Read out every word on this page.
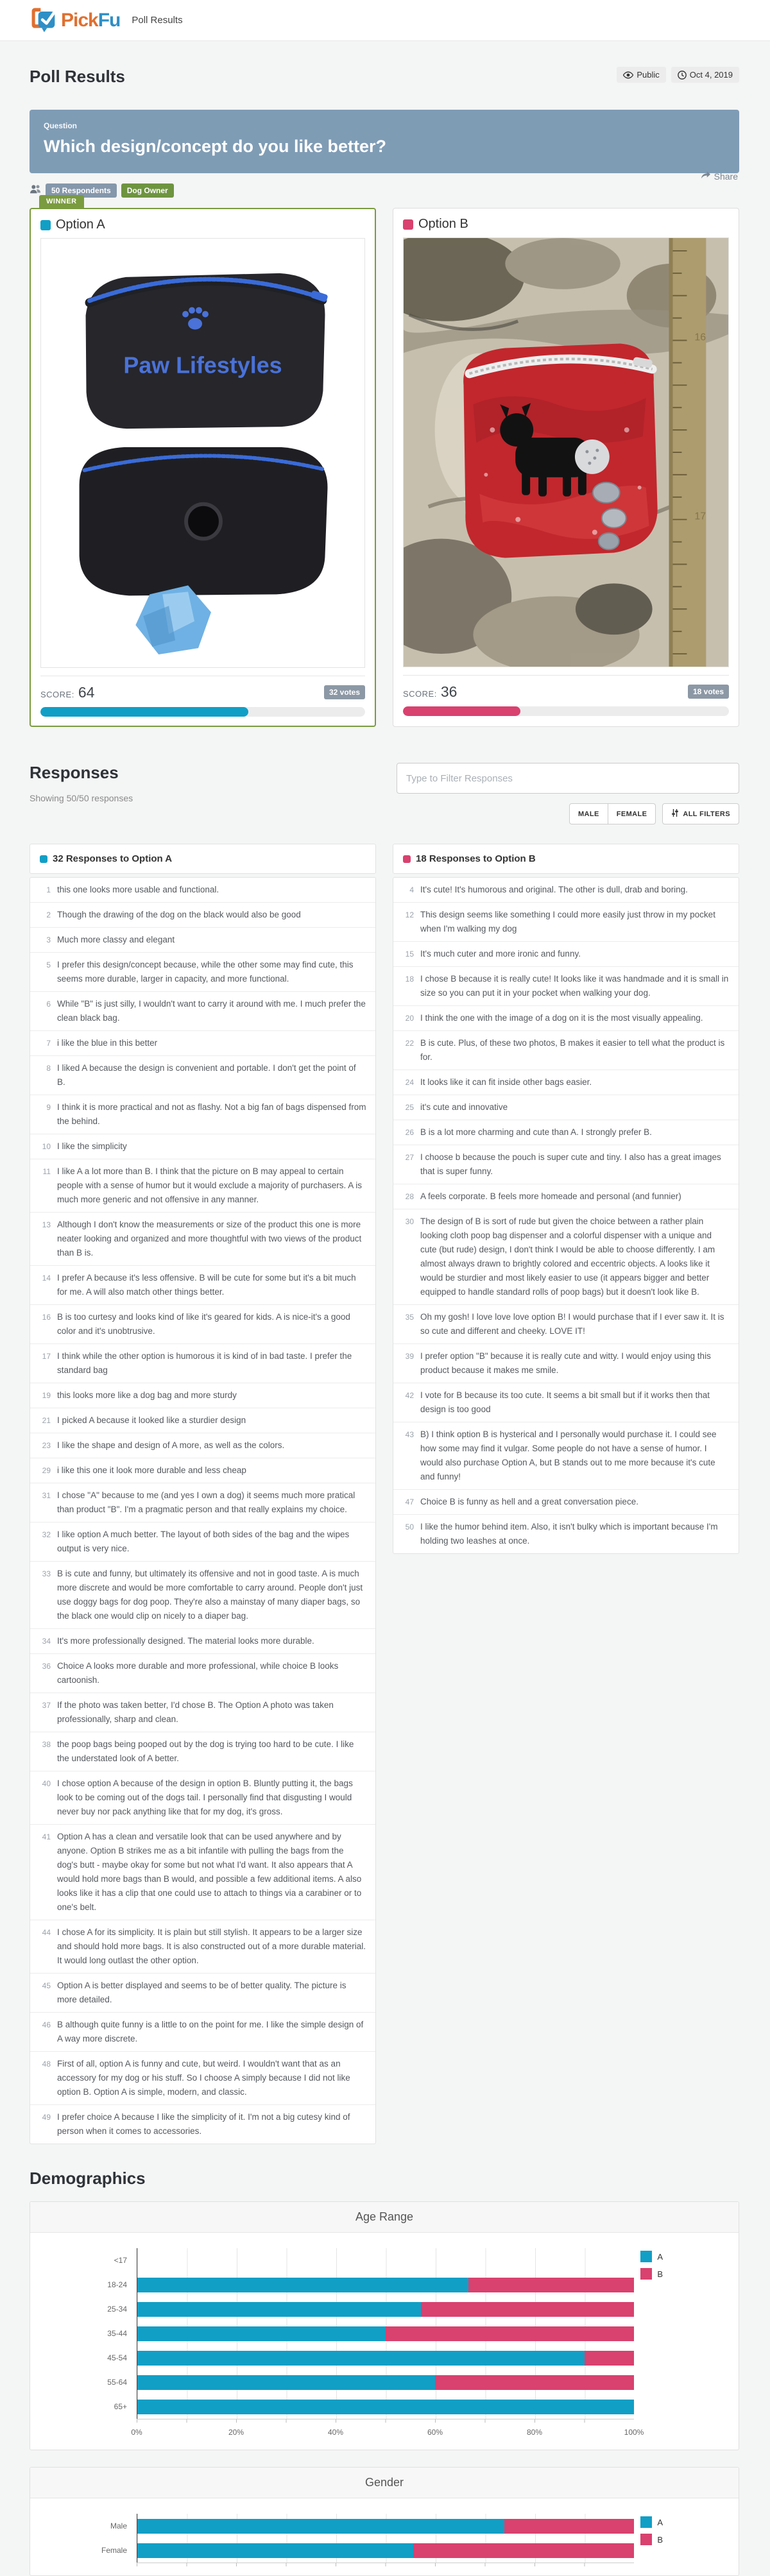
PickFu Poll Results
Poll Results	Public	Oct 4, 2019
Question
Which design/concept do you like better?
50 Respondents	Dog Owner
Share
WINNER
Option A
Paw Lifestyles
SCORE: 64	32 votes
Option B
16
17
SCORE: 36	18 votes
Responses
Showing 50/50 responses
Type to Filter Responses
MALE	FEMALE	ALL FILTERS
32 Responses to Option A
1 this one looks more usable and functional.
2 Though the drawing of the dog on the black would also be good
3 Much more classy and elegant
5 I prefer this design/concept because, while the other some may find cute, this seems more durable, larger in capacity, and more functional.
6 While "B" is just silly, I wouldn't want to carry it around with me. I much prefer the clean black bag.
7 i like the blue in this better
8 I liked A because the design is convenient and portable. I don't get the point of B.
9 I think it is more practical and not as flashy. Not a big fan of bags dispensed from the behind.
10 I like the simplicity
11 I like A a lot more than B. I think that the picture on B may appeal to certain people with a sense of humor but it would exclude a majority of purchasers. A is much more generic and not offensive in any manner.
13 Although I don't know the measurements or size of the product this one is more neater looking and organized and more thoughtful with two views of the product than B is.
14 I prefer A because it's less offensive. B will be cute for some but it's a bit much for me. A will also match other things better.
16 B is too curtesy and looks kind of like it's geared for kids. A is nice-it's a good color and it's unobtrusive.
17 I think while the other option is humorous it is kind of in bad taste. I prefer the standard bag
19 this looks more like a dog bag and more sturdy
21 I picked A because it looked like a sturdier design
23 I like the shape and design of A more, as well as the colors.
29 i like this one it look more durable and less cheap
31 I chose "A" because to me (and yes I own a dog) it seems much more pratical than product "B". I'm a pragmatic person and that really explains my choice.
32 I like option A much better. The layout of both sides of the bag and the wipes output is very nice.
33 B is cute and funny, but ultimately its offensive and not in good taste. A is much more discrete and would be more comfortable to carry around. People don't just use doggy bags for dog poop. They're also a mainstay of many diaper bags, so the black one would clip on nicely to a diaper bag.
34 It's more professionally designed. The material looks more durable.
36 Choice A looks more durable and more professional, while choice B looks cartoonish.
37 If the photo was taken better, I'd chose B. The Option A photo was taken professionally, sharp and clean.
38 the poop bags being pooped out by the dog is trying too hard to be cute. I like the understated look of A better.
40 I chose option A because of the design in option B. Bluntly putting it, the bags look to be coming out of the dogs tail. I personally find that disgusting I would never buy nor pack anything like that for my dog, it's gross.
41 Option A has a clean and versatile look that can be used anywhere and by anyone. Option B strikes me as a bit infantile with pulling the bags from the dog's butt - maybe okay for some but not what I'd want. It also appears that A would hold more bags than B would, and possible a few additional items. A also looks like it has a clip that one could use to attach to things via a carabiner or to one's belt.
44 I chose A for its simplicity. It is plain but still stylish. It appears to be a larger size and should hold more bags. It is also constructed out of a more durable material. It would long outlast the other option.
45 Option A is better displayed and seems to be of better quality. The picture is more detailed.
46 B although quite funny is a little to on the point for me. I like the simple design of A way more discrete.
48 First of all, option A is funny and cute, but weird. I wouldn't want that as an accessory for my dog or his stuff. So I choose A simply because I did not like option B. Option A is simple, modern, and classic.
49 I prefer choice A because I like the simplicity of it. I'm not a big cutesy kind of person when it comes to accessories.
18 Responses to Option B
4 It's cute! It's humorous and original. The other is dull, drab and boring.
12 This design seems like something I could more easily just throw in my pocket when I'm walking my dog
15 It's much cuter and more ironic and funny.
18 I chose B because it is really cute! It looks like it was handmade and it is small in size so you can put it in your pocket when walking your dog.
20 I think the one with the image of a dog on it is the most visually appealing.
22 B is cute. Plus, of these two photos, B makes it easier to tell what the product is for.
24 It looks like it can fit inside other bags easier.
25 it's cute and innovative
26 B is a lot more charming and cute than A. I strongly prefer B.
27 I choose b because the pouch is super cute and tiny. I also has a great images that is super funny.
28 A feels corporate. B feels more homeade and personal (and funnier)
30 The design of B is sort of rude but given the choice between a rather plain looking cloth poop bag dispenser and a colorful dispenser with a unique and cute (but rude) design, I don't think I would be able to choose differently. I am almost always drawn to brightly colored and eccentric objects. A looks like it would be sturdier and most likely easier to use (it appears bigger and better equipped to handle standard rolls of poop bags) but it doesn't look like B.
35 Oh my gosh! I love love love option B! I would purchase that if I ever saw it. It is so cute and different and cheeky. LOVE IT!
39 I prefer option "B" because it is really cute and witty. I would enjoy using this product because it makes me smile.
42 I vote for B because its too cute. It seems a bit small but if it works then that design is too good
43 B) I think option B is hysterical and I personally would purchase it. I could see how some may find it vulgar. Some people do not have a sense of humor. I would also purchase Option A, but B stands out to me more because it's cute and funny!
47 Choice B is funny as hell and a great conversation piece.
50 I like the humor behind item. Also, it isn't bulky which is important because I'm holding two leashes at once.
Demographics
Age Range
<17
18-24
25-34
35-44
45-54
55-64
65+
0%	20%	40%	60%	80%	100%
A
B
Gender
Male
Female
A
B
